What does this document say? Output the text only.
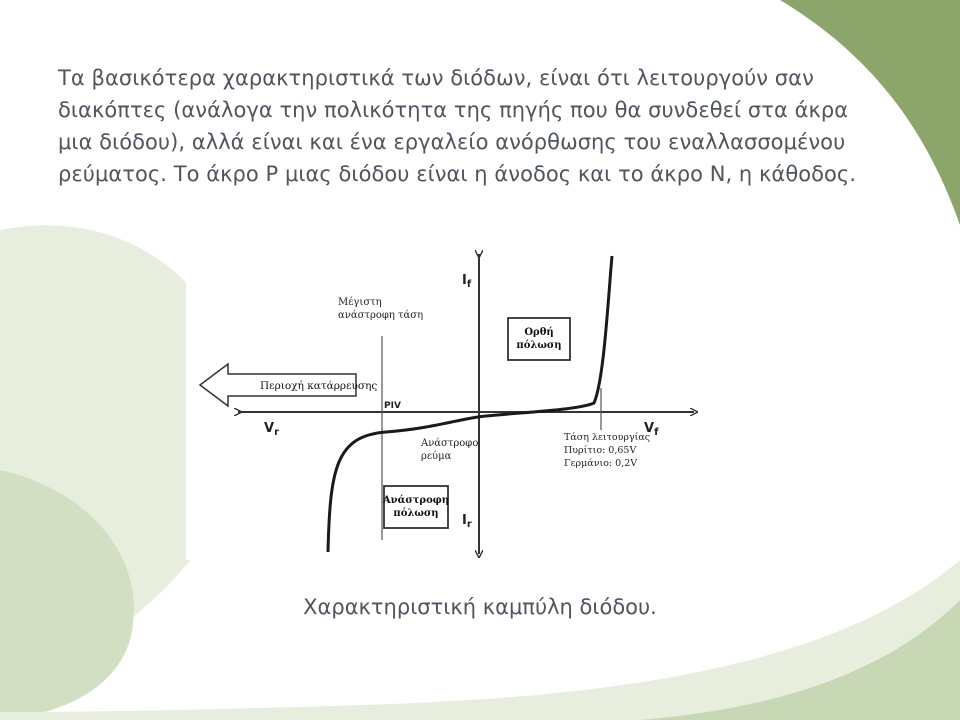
Τα βασικότερα χαρακτηριστικά των διόδων, είναι ότι λειτουργούν σαν
διακόπτες (ανάλογα την πολικότητα της πηγής που θα συνδεθεί στα άκρα
μια διόδου), αλλά είναι και ένα εργαλείο ανόρθωσης του εναλλασσομένου
ρεύματος. Το άκρο P μιας διόδου είναι η άνοδος και το άκρο N, η κάθοδος.

Περιοχή κατάρρευσης
Μέγιστη
ανάστροφη τάση
Ορθή
πόλωση
Ανάστροφη
πόλωση
PIV
Ανάστροφο
ρεύμα
Τάση λειτουργίας
Πυρίτιο: 0,65V
Γερμάνιο: 0,2V
$I_f$
$I_r$
$V_f$
$V_r$

Χαρακτηριστική καμπύλη διόδου.
